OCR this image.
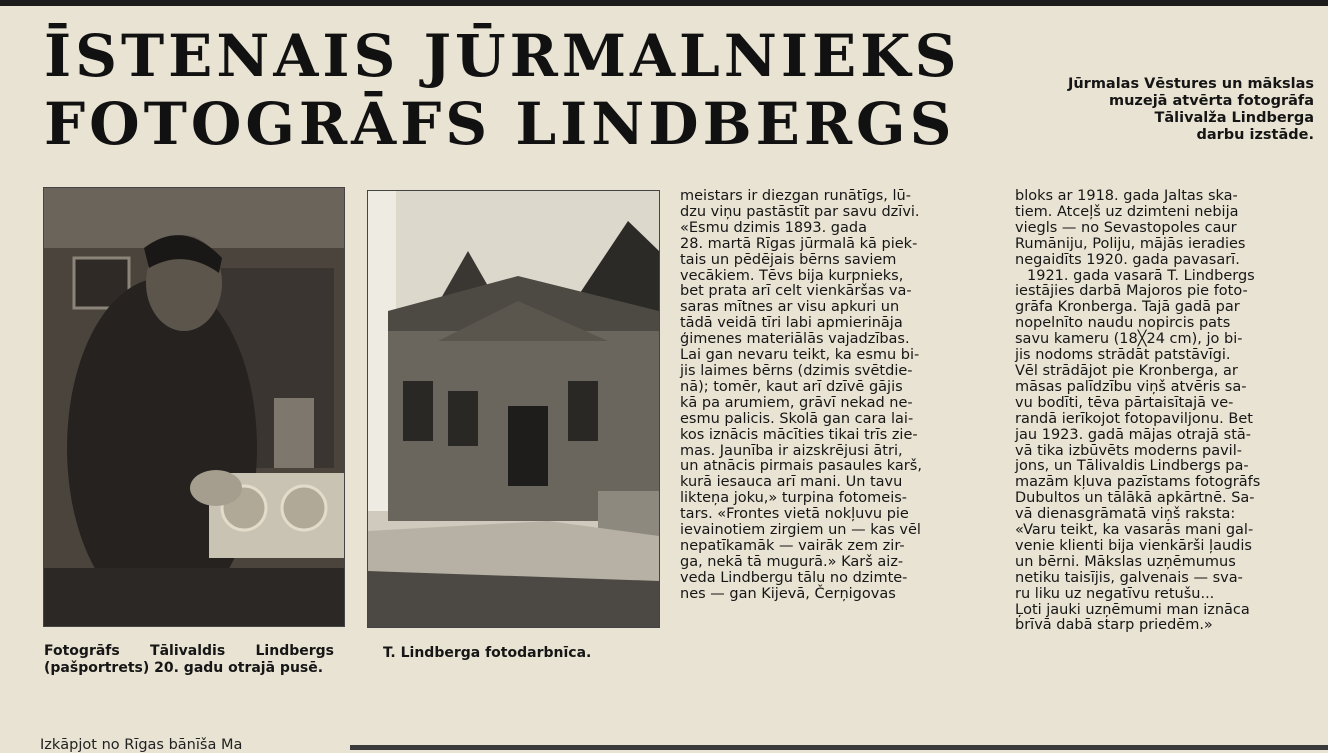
ĪSTENAIS JŪRMALNIEKS
FOTOGRĀFS LINDBERGS
Jūrmalas Vēstures un mākslas
muzejā atvērta fotogrāfa
Tālivalža Lindberga
darbu izstāde.
Fotogrāfs Tālivaldis Lindbergs (pašportrets) 20. gadu otrajā pusē.
T. Lindberga fotodarbnīca.
meistars ir diezgan runātīgs, lū-
dzu viņu pastāstīt par savu dzīvi.
«Esmu dzimis 1893. gada
28. martā Rīgas jūrmalā kā piek-
tais un pēdējais bērns saviem
vecākiem. Tēvs bija kurpnieks,
bet prata arī celt vienkāršas va-
saras mītnes ar visu apkuri un
tādā veidā tīri labi apmierināja
ģimenes materiālās vajadzības.
Lai gan nevaru teikt, ka esmu bi-
jis laimes bērns (dzimis svētdie-
nā); tomēr, kaut arī dzīvē gājis
kā pa arumiem, grāvī nekad ne-
esmu palicis. Skolā gan cara lai-
kos iznācis mācīties tikai trīs zie-
mas. Jaunība ir aizskrējusi ātri,
un atnācis pirmais pasaules karš,
kurā iesauca arī mani. Un tavu
likteņa joku,» turpina fotomeis-
tars. «Frontes vietā nokļuvu pie
ievainotiem zirgiem un — kas vēl
nepatīkamāk — vairāk zem zir-
ga, nekā tā mugurā.» Karš aiz-
veda Lindbergu tālu no dzimte-
nes — gan Kijevā, Čerņigovas
bloks ar 1918. gada Jaltas ska-
tiem. Atceļš uz dzimteni nebija
viegls — no Sevastopoles caur
Rumāniju, Poliju, mājās ieradies
negaidīts 1920. gada pavasarī.
1921. gada vasarā T. Lindbergs
iestājies darbā Majoros pie foto-
grāfa Kronberga. Tajā gadā par
nopelnīto naudu nopircis pats
savu kameru (18╳24 cm), jo bi-
jis nodoms strādāt patstāvīgi.
Vēl strādājot pie Kronberga, ar
māsas palīdzību viņš atvēris sa-
vu bodīti, tēva pārtaisītajā ve-
randā ierīkojot fotopaviljonu. Bet
jau 1923. gadā mājas otrajā stā-
vā tika izbūvēts moderns pavil-
jons, un Tālivaldis Lindbergs pa-
mazām kļuva pazīstams fotogrāfs
Dubultos un tālākā apkārtnē. Sa-
vā dienasgrāmatā viņš raksta:
«Varu teikt, ka vasarās mani gal-
venie klienti bija vienkārši ļaudis
un bērni. Mākslas uzņēmumus
netiku taisījis, galvenais — sva-
ru liku uz negatīvu retušu...
Ļoti jauki uzņēmumi man iznāca
brīvā dabā starp priedēm.»
Izkāpjot no Rīgas bānīša Ma
